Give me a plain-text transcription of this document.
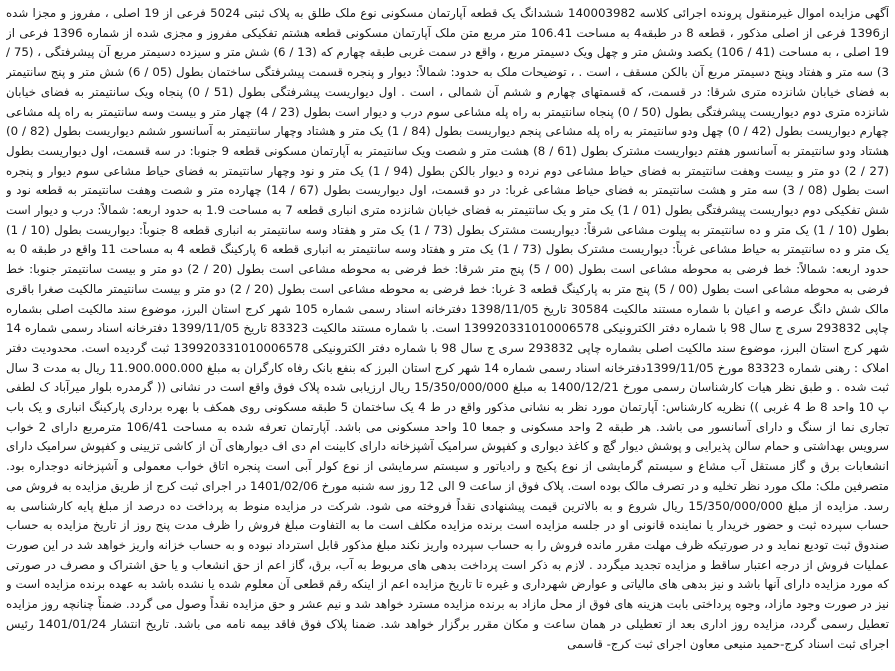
آگهی مزایده اموال غیرمنقول پرونده اجرائی کلاسه 140003982 ششدانگ یک قطعه آپارتمان مسکونی نوع ملک طلق به پلاک ثبتی 5024 فرعی از 19 اصلی ، مفروز و مجزا شده از1396 فرعی از اصلی مذکور ، قطعه 8 در طبقه4 به مساحت 106.41 متر مربع متن ملک آپارتمان مسکونی قطعه هشتم تفکیکی مفروز و مجزی شده از شماره 1396 فرعی از 19 اصلی ، به مساحت (41 / 106) یکصد وشش متر و چهل ویک دسیمتر مربع ، واقع در سمت غربی طبقه چهارم که (13 / 6) شش متر و سیزده دسیمتر مربع آن پیشرفتگی ، (75 / 3) سه متر و هفتاد وپنج دسیمتر مربع آن بالکن مسقف ، است . ، توضیحات ملک به حدود: شمالاً: دیوار و پنجره قسمت پیشرفتگی ساختمان بطول (05 / 6) شش متر و پنج سانتیمتر به فضای خیابان شانزده متری شرقا: در قسمت، که قسمتهای چهارم و ششم آن شمالی ، است . اول دیواریست پیشرفتگی بطول (51 / 0) پنجاه ویک سانتیمتر به فضای خیابان شانزده متری دوم دیواریست پیشرفتگی بطول (50 / 0) پنجاه سانتیمتر به راه پله مشاعی سوم درب و دیوار است بطول (23 / 4) چهار متر و بیست وسه سانتیمتر به راه پله مشاعی چهارم دیواریست بطول (42 / 0) چهل ودو سانتیمتر به راه پله مشاعی پنجم دیواریست بطول (84 / 1) یک متر و هشتاد وچهار سانتیمتر به آسانسور ششم دیواریست بطول (82 / 0) هشتاد ودو سانتیمتر به آسانسور هفتم دیواریست مشترک بطول (61 / 8) هشت متر و شصت ویک سانتیمتر به آپارتمان مسکونی قطعه 9 جنوبا: در سه قسمت، اول دیواریست بطول (27 / 2) دو متر و بیست وهفت سانتیمتر به فضای حیاط مشاعی دوم نرده و دیوار بالکن بطول (94 / 1) یک متر و نود وچهار سانتیمتر به فضای حیاط مشاعی سوم دیوار و پنجره است بطول (08 / 3) سه متر و هشت سانتیمتر به فضای حیاط مشاعی غربا: در دو قسمت، اول دیواریست بطول (67 / 14) چهارده متر و شصت وهفت سانتیمتر به قطعه نود و شش تفکیکی دوم دیواریست پیشرفتگی بطول (01 / 1) یک متر و یک سانتیمتر به فضای خیابان شانزده متری انباری قطعه 7 به مساحت 1.9 به حدود اربعه: شمالاً: درب و دیوار است بطول (10 / 1) یک متر و ده سانتیمتر به پیلوت مشاعی شرقاً: دیواریست مشترک بطول (73 / 1) یک متر و هفتاد وسه سانتیمتر به انباری قطعه 8 جنوباً: دیواریست بطول (10 / 1) یک متر و ده سانتیمتر به حیاط مشاعی غرباً: دیواریست مشترک بطول (73 / 1) یک متر و هفتاد وسه سانتیمتر به انباری قطعه 6 پارکینگ قطعه 4 به مساحت 11 واقع در طبقه 0 به حدود اربعه: شمالاً: خط فرضی به محوطه مشاعی است بطول (00 / 5) پنج متر شرقا: خط فرضی به محوطه مشاعی است بطول (20 / 2) دو متر و بیست سانتیمتر جنوبا: خط فرضی به محوطه مشاعی است بطول (00 / 5) پنج متر به پارکینگ قطعه 3 غربا: خط فرضی به محوطه مشاعی است بطول (20 / 2) دو متر و بیست سانتیمتر مالکیت صغرا باقری مالک شش دانگ عرصه و اعیان با شماره مستند مالکیت 30584 تاریخ 1398/11/05 دفترخانه اسناد رسمی شماره 105 شهر کرج استان البرز، موضوع سند مالکیت اصلی بشماره چاپی 293832 سری ج سال 98 با شماره دفتر الکترونیکی 139920331010006578 است. با شماره مستند مالکیت 83323 تاریخ 1399/11/05 دفترخانه اسناد رسمی شماره 14 شهر کرج استان البرز، موضوع سند مالکیت اصلی بشماره چاپی 293832 سری ج سال 98 با شماره دفتر الکترونیکی 139920331010006578 ثبت گردیده است. محدودیت دفتر املاک : رهنی شماره 83323 مورخ 1399/11/05دفترخانه اسناد رسمی شماره 14 شهر کرج استان البرز که بنفع بانک رفاه کارگران به مبلغ 11.900.000.000 ریال به مدت 3 سال ثبت شده . و طبق نظر هیات کارشناسان رسمی مورخ 1400/12/21 به مبلغ 15/350/000/000 ریال ارزیابی شده پلاک فوق واقع است در نشانی (( گرمدره بلوار میرآباد ک لطفی پ 10 واحد 8 ط 4 غربی )) نظریه کارشناس: آپارتمان مورد نظر به نشانی مذکور واقع در ط 4 یک ساختمان 5 طبقه مسکونی روی همکف با بهره برداری پارکینگ انباری و یک باب تجاری نما از سنگ و دارای آسانسور می باشد. هر طبقه 2 واحد مسکونی و جمعا 10 واحد مسکونی می باشد. آپارتمان تعرفه شده به مساحت 106/41 مترمربع دارای 2 خواب سرویس بهداشتی و حمام سالن پذیرایی و پوشش دیوار گچ و کاغذ دیواری و کفپوش سرامیک آشپزخانه دارای کابینت ام دی اف دیوارهای آن از کاشی تزیینی و کفپوش سرامیک دارای انشعابات برق و گاز مستقل آب مشاع و سیستم گرمایشی از نوع پکیج و رادیاتور و سیستم سرمایشی از نوع کولر آبی است پنجره اتاق خواب معمولی و آشپزخانه دوجداره بود. متصرفین ملک: ملک مورد نظر تخلیه و در تصرف مالک بوده است. پلاک فوق از ساعت 9 الی 12 روز سه شنبه مورخ 1401/02/06 در اجرای ثبت کرج از طریق مزایده به فروش می رسد. مزایده از مبلغ 15/350/000/000 ریال شروع و به بالاترین قیمت پیشنهادی نقداً فروخته می شود. شرکت در مزایده منوط به پرداخت ده درصد از مبلغ پایه کارشناسی به حساب سپرده ثبت و حضور خریدار یا نماینده قانونی او در جلسه مزایده است برنده مزایده مکلف است ما به التفاوت مبلغ فروش را ظرف مدت پنج روز از تاریخ مزایده به حساب صندوق ثبت تودیع نماید و در صورتیکه ظرف مهلت مقرر مانده فروش را به حساب سپرده واریز نکند مبلغ مذکور قابل استرداد نبوده و به حساب خزانه واریز خواهد شد در این صورت عملیات فروش از درجه اعتبار ساقط و مزایده تجدید میگردد . لازم به ذکر است پرداخت بدهی های مربوط به آب، برق، گاز اعم از حق انشعاب و یا حق اشتراک و مصرف در صورتی که مورد مزایده دارای آنها باشد و نیز بدهی های مالیاتی و عوارض شهرداری و غیره تا تاریخ مزایده اعم از اینکه رقم قطعی آن معلوم شده یا نشده باشد به عهده برنده مزایده است و نیز در صورت وجود مازاد، وجوه پرداختی بابت هزینه های فوق از محل مازاد به برنده مزایده مسترد خواهد شد و نیم عشر و حق مزایده نقداً وصول می گردد. ضمناً چنانچه روز مزایده تعطیل رسمی گردد، مزایده روز اداری بعد از تعطیلی در همان ساعت و مکان مقرر برگزار خواهد شد. ضمنا پلاک فوق فاقد بیمه نامه می باشد. تاریخ انتشار 1401/01/24 رئیس اجرای ثبت اسناد کرج-حمید منیعی معاون اجرای ثبت کرج- قاسمی
